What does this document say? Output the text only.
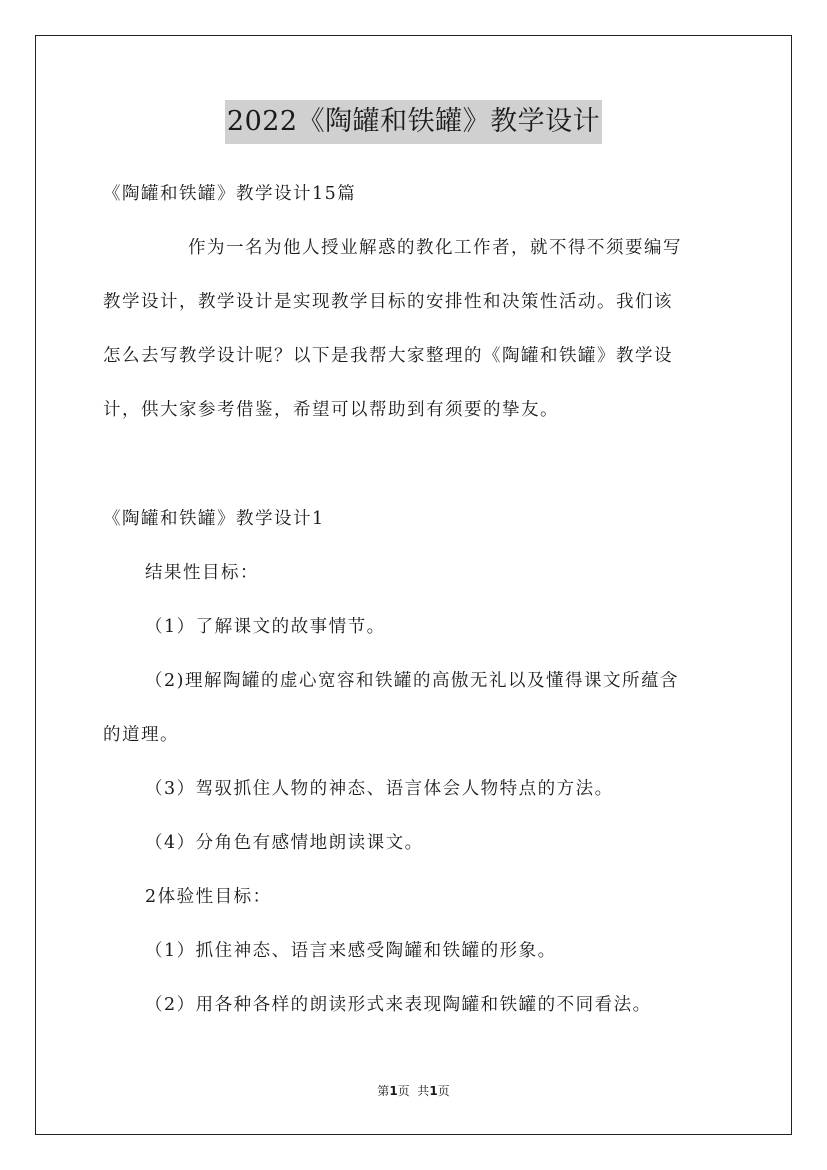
2022《陶罐和铁罐》教学设计
《陶罐和铁罐》教学设计15篇
作为一名为他人授业解惑的教化工作者，就不得不须要编写
教学设计，教学设计是实现教学目标的安排性和决策性活动。我们该
怎么去写教学设计呢？以下是我帮大家整理的《陶罐和铁罐》教学设
计，供大家参考借鉴，希望可以帮助到有须要的挚友。
《陶罐和铁罐》教学设计1
结果性目标：
（1）了解课文的故事情节。
（2)理解陶罐的虚心宽容和铁罐的高傲无礼以及懂得课文所蕴含
的道理。
（3）驾驭抓住人物的神态、语言体会人物特点的方法。
（4）分角色有感情地朗读课文。
2体验性目标：
（1）抓住神态、语言来感受陶罐和铁罐的形象。
（2）用各种各样的朗读形式来表现陶罐和铁罐的不同看法。
第1页  共1页
